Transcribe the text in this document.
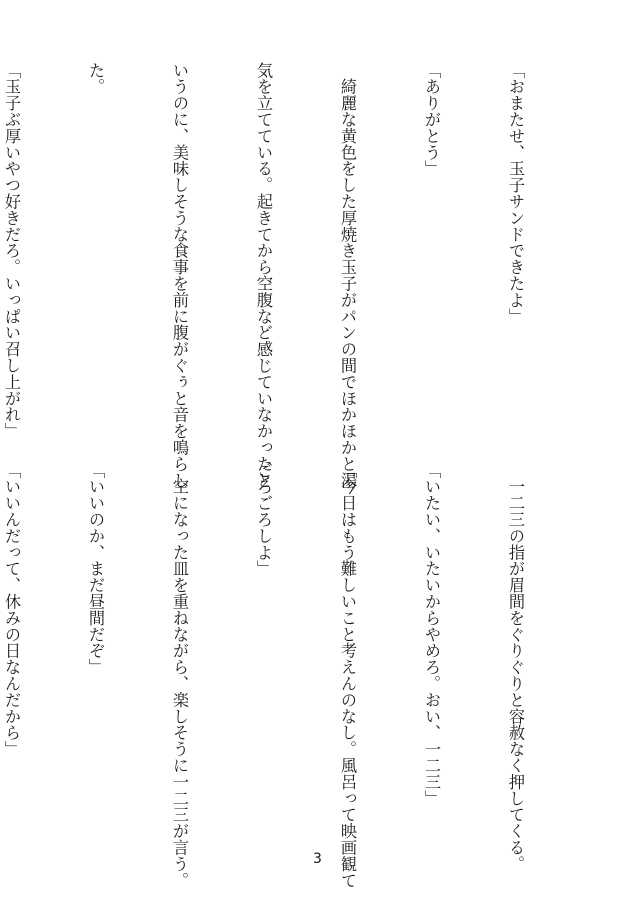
「おまたせ、玉子サンドできたよ」

「ありがとう」

　綺麗な黄色をした厚焼き玉子がパンの間でほかほかと湯

気を立てている。起きてから空腹など感じていなかったと

いうのに、美味しそうな食事を前に腹がぐぅと音を鳴らし

た。

「玉子ぶ厚いやつ好きだろ。いっぱい召し上がれ」

　一二三の指が眉間をぐりぐりと容赦なく押してくる。

「いたい、いたいからやめろ。おい、一二三」

「今日はもう難しいこと考えんのなし。風呂って映画観て

ごろごろしよ」

　空になった皿を重ねながら、楽しそうに一二三が言う。

「いいのか、まだ昼間だぞ」

「いいんだって、休みの日なんだから」

3
